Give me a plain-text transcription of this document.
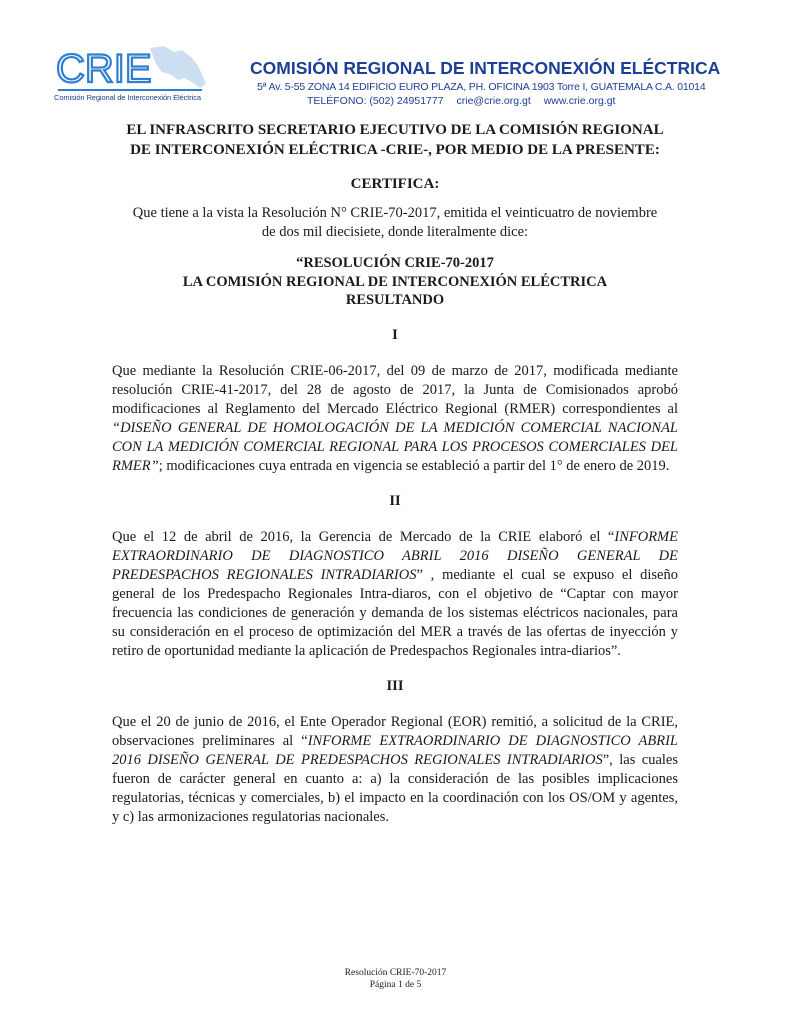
CRIE
Comisión Regional de Interconexión Eléctrica
COMISIÓN REGIONAL DE INTERCONEXIÓN ELÉCTRICA
5ª Av. 5-55 ZONA 14 EDIFICIO EURO PLAZA, PH. OFICINA 1903 Torre I, GUATEMALA C.A. 01014
TELÉFONO: (502) 24951777 crie@crie.org.gt www.crie.org.gt

EL INFRASCRITO SECRETARIO EJECUTIVO DE LA COMISIÓN REGIONAL

DE INTERCONEXIÓN ELÉCTRICA -CRIE-, POR MEDIO DE LA PRESENTE:

CERTIFICA:

Que tiene a la vista la Resolución N° CRIE-70-2017, emitida el veinticuatro de noviembre
de dos mil diecisiete, donde literalmente dice:

“RESOLUCIÓN CRIE-70-2017
LA COMISIÓN REGIONAL DE INTERCONEXIÓN ELÉCTRICA
RESULTANDO

I

Que mediante la Resolución CRIE-06-2017, del 09 de marzo de 2017, modificada mediante resolución CRIE-41-2017, del 28 de agosto de 2017, la Junta de Comisionados aprobó modificaciones al Reglamento del Mercado Eléctrico Regional (RMER) correspondientes al “DISEÑO GENERAL DE HOMOLOGACIÓN DE LA MEDICIÓN COMERCIAL NACIONAL CON LA MEDICIÓN COMERCIAL REGIONAL PARA LOS PROCESOS COMERCIALES DEL RMER”; modificaciones cuya entrada en vigencia se estableció a partir del 1° de enero de 2019.

II

Que el 12 de abril de 2016, la Gerencia de Mercado de la CRIE elaboró el “INFORME EXTRAORDINARIO DE DIAGNOSTICO ABRIL 2016 DISEÑO GENERAL DE PREDESPACHOS REGIONALES INTRADIARIOS” , mediante el cual se expuso el diseño general de los Predespacho Regionales Intra-diaros, con el objetivo de “Captar con mayor frecuencia las condiciones de generación y demanda de los sistemas eléctricos nacionales, para su consideración en el proceso de optimización del MER a través de las ofertas de inyección y retiro de oportunidad mediante la aplicación de Predespachos Regionales intra-diarios”.

III

Que el 20 de junio de 2016, el Ente Operador Regional (EOR) remitió, a solicitud de la CRIE, observaciones preliminares al “INFORME EXTRAORDINARIO DE DIAGNOSTICO ABRIL 2016 DISEÑO GENERAL DE PREDESPACHOS REGIONALES INTRADIARIOS”, las cuales fueron de carácter general en cuanto a: a) la consideración de las posibles implicaciones regulatorias, técnicas y comerciales, b) el impacto en la coordinación con los OS/OM y agentes, y c) las armonizaciones regulatorias nacionales.

Resolución CRIE-70-2017
Página 1 de 5
